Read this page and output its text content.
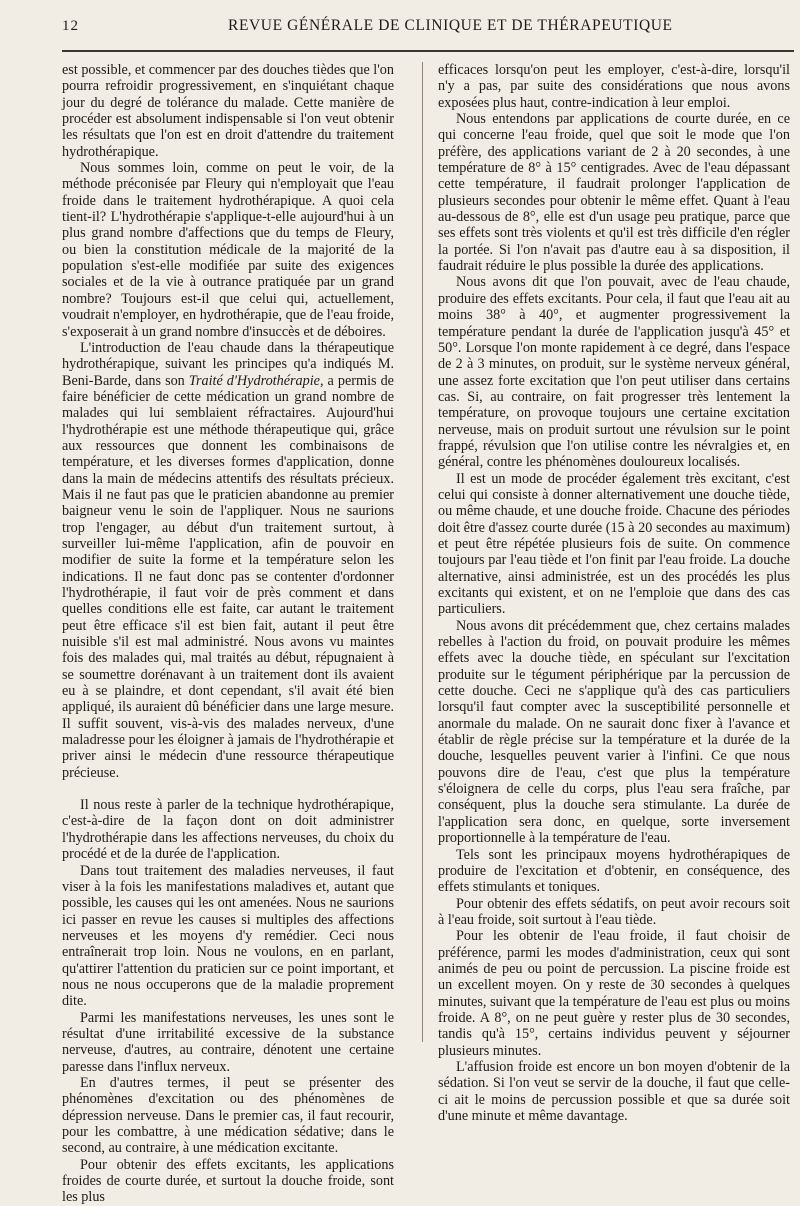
12	REVUE GÉNÉRALE DE CLINIQUE ET DE THÉRAPEUTIQUE

est possible, et commencer par des douches tièdes que l'on pourra refroidir progressivement, en s'inquiétant chaque jour du degré de tolérance du malade. Cette manière de procéder est absolument indispensable si l'on veut obtenir les résultats que l'on est en droit d'attendre du traitement hydrothérapique.

Nous sommes loin, comme on peut le voir, de la méthode préconisée par Fleury qui n'employait que l'eau froide dans le traitement hydrothérapique. A quoi cela tient-il? L'hydrothérapie s'applique-t-elle aujourd'hui à un plus grand nombre d'affections que du temps de Fleury, ou bien la constitution médicale de la majorité de la population s'est-elle modifiée par suite des exigences sociales et de la vie à outrance pratiquée par un grand nombre? Toujours est-il que celui qui, actuellement, voudrait n'employer, en hydrothérapie, que de l'eau froide, s'exposerait à un grand nombre d'insuccès et de déboires.

L'introduction de l'eau chaude dans la thérapeutique hydrothérapique, suivant les principes qu'a indiqués M. Beni-Barde, dans son Traité d'Hydrothérapie, a permis de faire bénéficier de cette médication un grand nombre de malades qui lui semblaient réfractaires. Aujourd'hui l'hydrothérapie est une méthode thérapeutique qui, grâce aux ressources que donnent les combinaisons de température, et les diverses formes d'application, donne dans la main de médecins attentifs des résultats précieux. Mais il ne faut pas que le praticien abandonne au premier baigneur venu le soin de l'appliquer. Nous ne saurions trop l'engager, au début d'un traitement surtout, à surveiller lui-même l'application, afin de pouvoir en modifier de suite la forme et la température selon les indications. Il ne faut donc pas se contenter d'ordonner l'hydrothérapie, il faut voir de près comment et dans quelles conditions elle est faite, car autant le traitement peut être efficace s'il est bien fait, autant il peut être nuisible s'il est mal administré. Nous avons vu maintes fois des malades qui, mal traités au début, répugnaient à se soumettre dorénavant à un traitement dont ils avaient eu à se plaindre, et dont cependant, s'il avait été bien appliqué, ils auraient dû bénéficier dans une large mesure. Il suffit souvent, vis-à-vis des malades nerveux, d'une maladresse pour les éloigner à jamais de l'hydrothérapie et priver ainsi le médecin d'une ressource thérapeutique précieuse.

Il nous reste à parler de la technique hydrothérapique, c'est-à-dire de la façon dont on doit administrer l'hydrothérapie dans les affections nerveuses, du choix du procédé et de la durée de l'application.

Dans tout traitement des maladies nerveuses, il faut viser à la fois les manifestations maladives et, autant que possible, les causes qui les ont amenées. Nous ne saurions ici passer en revue les causes si multiples des affections nerveuses et les moyens d'y remédier. Ceci nous entraînerait trop loin. Nous ne voulons, en en parlant, qu'attirer l'attention du praticien sur ce point important, et nous ne nous occuperons que de la maladie proprement dite.

Parmi les manifestations nerveuses, les unes sont le résultat d'une irritabilité excessive de la substance nerveuse, d'autres, au contraire, dénotent une certaine paresse dans l'influx nerveux.

En d'autres termes, il peut se présenter des phénomènes d'excitation ou des phénomènes de dépression nerveuse. Dans le premier cas, il faut recourir, pour les combattre, à une médication sédative; dans le second, au contraire, à une médication excitante.

Pour obtenir des effets excitants, les applications froides de courte durée, et surtout la douche froide, sont les plus

efficaces lorsqu'on peut les employer, c'est-à-dire, lorsqu'il n'y a pas, par suite des considérations que nous avons exposées plus haut, contre-indication à leur emploi.

Nous entendons par applications de courte durée, en ce qui concerne l'eau froide, quel que soit le mode que l'on préfère, des applications variant de 2 à 20 secondes, à une température de 8° à 15° centigrades. Avec de l'eau dépassant cette température, il faudrait prolonger l'application de plusieurs secondes pour obtenir le même effet. Quant à l'eau au-dessous de 8°, elle est d'un usage peu pratique, parce que ses effets sont très violents et qu'il est très difficile d'en régler la portée. Si l'on n'avait pas d'autre eau à sa disposition, il faudrait réduire le plus possible la durée des applications.

Nous avons dit que l'on pouvait, avec de l'eau chaude, produire des effets excitants. Pour cela, il faut que l'eau ait au moins 38° à 40°, et augmenter progressivement la température pendant la durée de l'application jusqu'à 45° et 50°. Lorsque l'on monte rapidement à ce degré, dans l'espace de 2 à 3 minutes, on produit, sur le système nerveux général, une assez forte excitation que l'on peut utiliser dans certains cas. Si, au contraire, on fait progresser très lentement la température, on provoque toujours une certaine excitation nerveuse, mais on produit surtout une révulsion sur le point frappé, révulsion que l'on utilise contre les névralgies et, en général, contre les phénomènes douloureux localisés.

Il est un mode de procéder également très excitant, c'est celui qui consiste à donner alternativement une douche tiède, ou même chaude, et une douche froide. Chacune des périodes doit être d'assez courte durée (15 à 20 secondes au maximum) et peut être répétée plusieurs fois de suite. On commence toujours par l'eau tiède et l'on finit par l'eau froide. La douche alternative, ainsi administrée, est un des procédés les plus excitants qui existent, et on ne l'emploie que dans des cas particuliers.

Nous avons dit précédemment que, chez certains malades rebelles à l'action du froid, on pouvait produire les mêmes effets avec la douche tiède, en spéculant sur l'excitation produite sur le tégument périphérique par la percussion de cette douche. Ceci ne s'applique qu'à des cas particuliers lorsqu'il faut compter avec la susceptibilité personnelle et anormale du malade. On ne saurait donc fixer à l'avance et établir de règle précise sur la température et la durée de la douche, lesquelles peuvent varier à l'infini. Ce que nous pouvons dire de l'eau, c'est que plus la température s'éloignera de celle du corps, plus l'eau sera fraîche, par conséquent, plus la douche sera stimulante. La durée de l'application sera donc, en quelque, sorte inversement proportionnelle à la température de l'eau.

Tels sont les principaux moyens hydrothérapiques de produire de l'excitation et d'obtenir, en conséquence, des effets stimulants et toniques.

Pour obtenir des effets sédatifs, on peut avoir recours soit à l'eau froide, soit surtout à l'eau tiède.

Pour les obtenir de l'eau froide, il faut choisir de préférence, parmi les modes d'administration, ceux qui sont animés de peu ou point de percussion. La piscine froide est un excellent moyen. On y reste de 30 secondes à quelques minutes, suivant que la température de l'eau est plus ou moins froide. A 8°, on ne peut guère y rester plus de 30 secondes, tandis qu'à 15°, certains individus peuvent y séjourner plusieurs minutes.

L'affusion froide est encore un bon moyen d'obtenir de la sédation. Si l'on veut se servir de la douche, il faut que celle-ci ait le moins de percussion possible et que sa durée soit d'une minute et même davantage.
